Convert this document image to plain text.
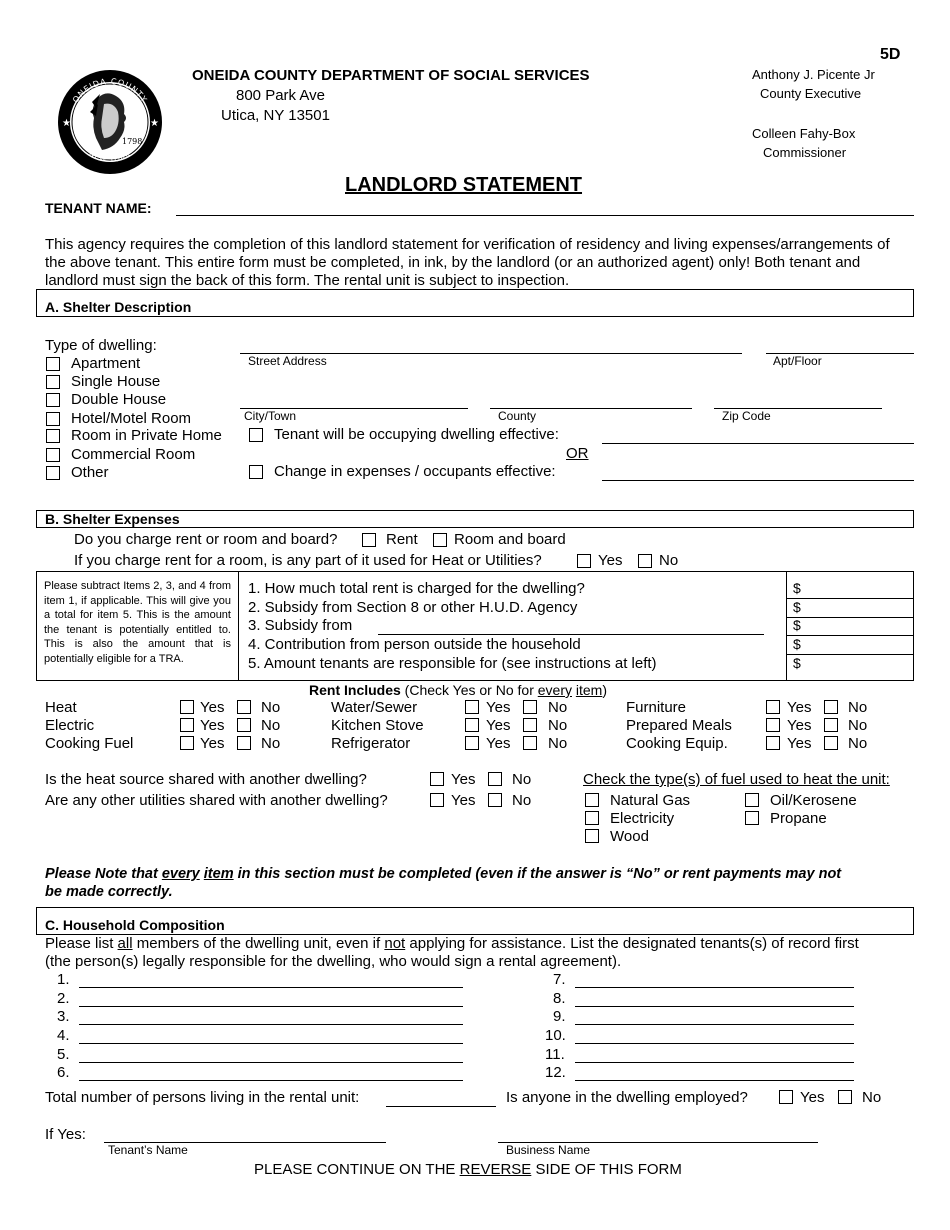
ONEIDA COUNTY
NEW YORK
★	★
1798
ONEIDA COUNTY DEPARTMENT OF SOCIAL SERVICES
800 Park Ave
Utica, NY 13501
5D
Anthony J. Picente Jr
County Executive
Colleen Fahy-Box
Commissioner
LANDLORD STATEMENT
TENANT NAME:
This agency requires the completion of this landlord statement for verification of residency and living expenses/arrangements of the above tenant. This entire form must be completed, in ink, by the landlord (or an authorized agent) only! Both tenant and landlord must sign the back of this form. The rental unit is subject to inspection.
A. Shelter Description
Type of dwelling:
Apartment
Single House
Double House
Hotel/Motel Room
Room in Private Home
Commercial Room
Other
Street Address	Apt/Floor
City/Town	County	Zip Code
Tenant will be occupying dwelling effective:
OR
Change in expenses / occupants effective:
B. Shelter Expenses
Do you charge rent or room and board?	Rent Room and board
If you charge rent for a room, is any part of it used for Heat or Utilities?	Yes No
Please subtract Items 2, 3, and 4 from item 1, if applicable. This will give you a total for item 5. This is the amount the tenant is potentially entitled to. This is also the amount that is potentially eligible for a TRA.
1. How much total rent is charged for the dwelling?	$
2. Subsidy from Section 8 or other H.U.D. Agency	$
3. Subsidy from	$
4. Contribution from person outside the household	$
5. Amount tenants are responsible for (see instructions at left)	$
Rent Includes (Check Yes or No for every item)
Heat	Yes No
Electric	Yes No
Cooking Fuel	Yes No
Water/Sewer	Yes	No
Kitchen Stove	Yes	No
Refrigerator	Yes	No
Furniture	Yes No
Prepared Meals	Yes No
Cooking Equip.	Yes No
Is the heat source shared with another dwelling?	Yes No
Are any other utilities shared with another dwelling?	Yes No
Check the type(s) of fuel used to heat the unit:
Natural Gas
Electricity
Wood
Oil/Kerosene
Propane
Please Note that every item in this section must be completed (even if the answer is “No” or rent payments may not
be made correctly.
C. Household Composition
Please list all members of the dwelling unit, even if not applying for assistance. List the designated tenants(s) of record first
(the person(s) legally responsible for the dwelling, who would sign a rental agreement).
1.
2.
3.
4.
5.
6.
7.
8.
9.
10.
11.
12.
Total number of persons living in the rental unit:	Is anyone in the dwelling employed?	Yes	No
If Yes:
Tenant’s Name	Business Name
PLEASE CONTINUE ON THE REVERSE SIDE OF THIS FORM
